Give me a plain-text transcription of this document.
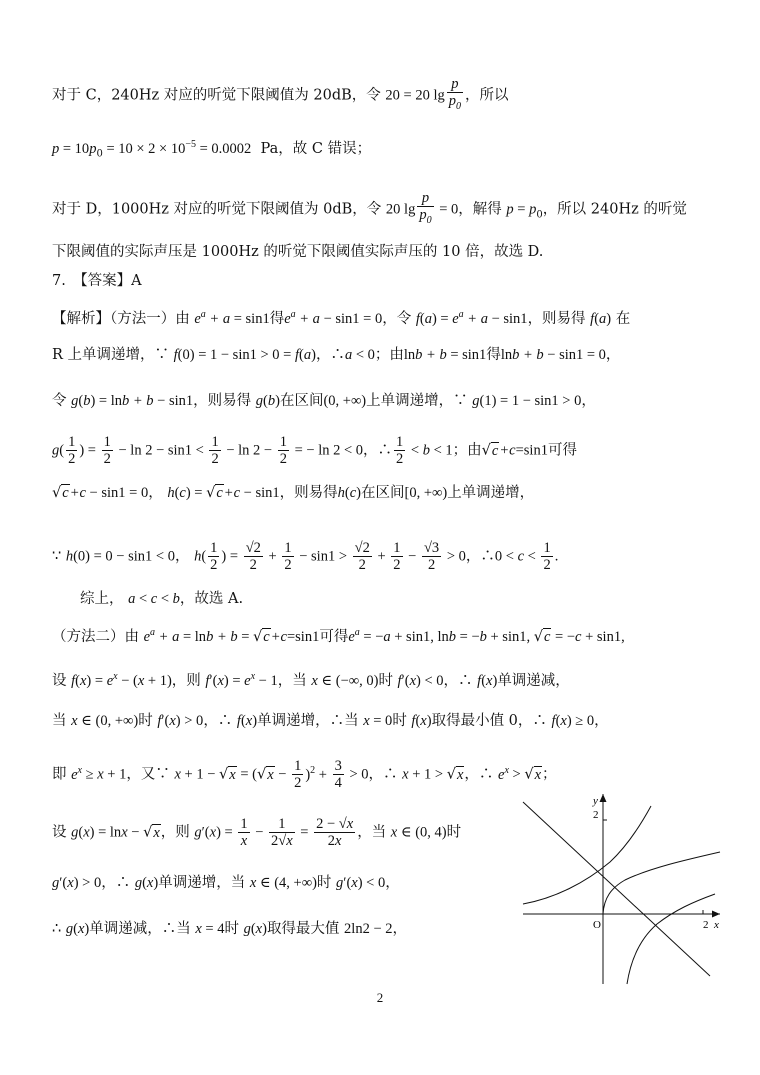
对于 C，240Hz 对应的听觉下限阈值为 20dB，令 20 = 20 $\lg \frac{p}{p_0}$ ，所以
$p = 10p_0 = 10 \times 2 \times 10^{-5} = 0.0002$ Pa，故 C 错误；
对于 D，1000Hz 对应的听觉下限阈值为 0dB，令 20 $\lg \frac{p}{p_0} = 0$，解得 $p = p_0$，所以 240Hz 的听觉
下限阈值的实际声压是 1000Hz 的听觉下限阈值实际声压的 10 倍，故选 D.
7.　【答案】A
【解析】（方法一）由 $e^a + a = \sin 1$得$e^a + a - \sin 1 = 0$，令 $f(a) = e^a + a - \sin 1$，则易得 f(a) 在
R 上单调递增，∵ f(0) = 1 − sin1 > 0 = f(a)，∴a < 0；由lnb + b = sin1得lnb + b − sin1 = 0，
令 g(b) = lnb + b − sin1，则易得 g(b)在区间(0, +∞)上单调递增，∵ g(1) = 1 − sin1 > 0，
$g( \frac{1}{2}$ ) = $\frac{1}{2} - \ln 2 - \sin 1 < \frac{1}{2} - \ln 2 - \frac{1}{2}$ = − ln 2 < 0，∴ $\frac{1}{2} < b < 1$；由√c+c=sin1可得
√c+c − sin1 = 0， h(c) = √c+c − sin1，则易得h(c)在区间[0, +∞)上单调递增，
∵ h(0) = 0 − sin1 < 0， $h( \frac{1}{2}$ ) = $\frac{√2}{2} + \frac{1}{2} - \sin 1 > \frac{√2}{2} + \frac{1}{2} - \frac{√3}{2} > 0$，∴0 < $c < \frac{1}{2}$ .
综上， a < c < b，故选 A.
（方法二）由 $e^a + a = \ln b + b = √c+c=\sin 1$可得$e^a = -a + \sin 1$, lnb = −b + sin1, √c = −c + sin1,
设 $f(x) = e^x - (x + 1)$，则 $f'(x) = e^x - 1$，当 x ∈ (−∞, 0)时 f′(x) < 0，∴ f(x)单调递减，
当 x ∈ (0, +∞)时 f′(x) > 0，∴ f(x)单调递增，∴当 x = 0时 f(x)取得最小值 0，∴ f(x) ≥ 0，
即 $e^x \ge x + 1$，又∵ $x + 1 - √x = (√x - \frac{1}{2} )^2 + \frac{3}{4} > 0$，∴ x + 1 > √x，∴ $e^x > √x$；
设 g(x) = lnx − √x，则 $g'(x) = \frac{1}{x} - \frac{1}{2√x} = \frac{2 - √x}{2x}$ ，当 x ∈ (0, 4)时
g′(x) > 0，∴ g(x)单调递增，当 x ∈ (4, +∞)时 g′(x) < 0，
∴ g(x)单调递减，∴当 x = 4时 g(x)取得最大值 2ln2 − 2，
y
2
O	2 x
2
